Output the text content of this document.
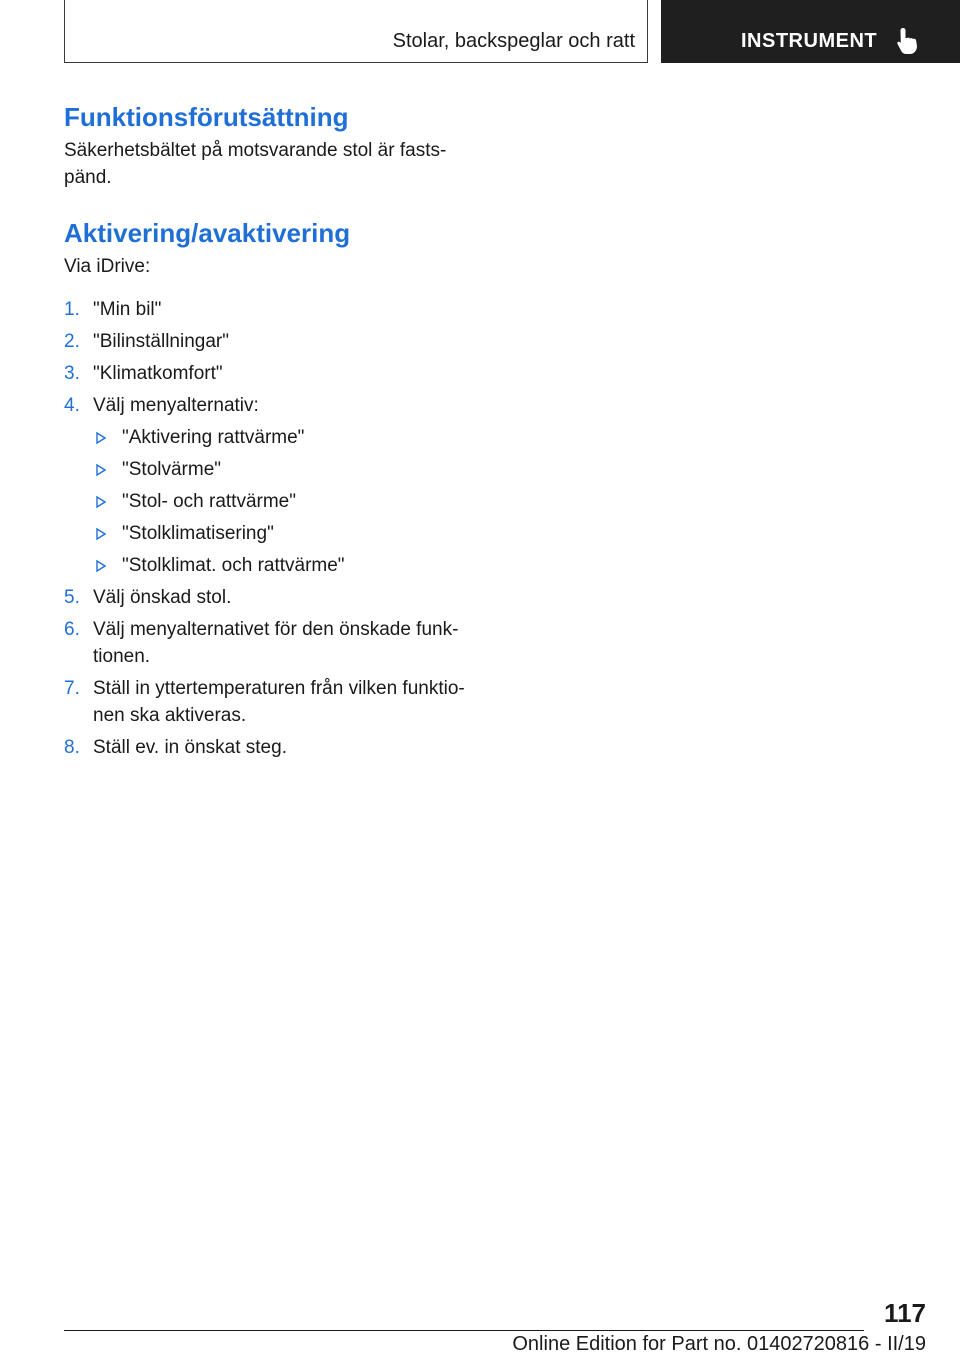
Stolar, backspeglar och ratt	INSTRUMENT
Funktionsförutsättning

Säkerhetsbältet på motsvarande stol är fasts-
pänd.

Aktivering/avaktivering

Via iDrive:

1. "Min bil"
2. "Bilinställningar"
3. "Klimatkomfort"
4. Välj menyalternativ:
"Aktivering rattvärme"
"Stolvärme"
"Stol- och rattvärme"
"Stolklimatisering"
"Stolklimat. och rattvärme"
5. Välj önskad stol.
6. Välj menyalternativet för den önskade funk-
tionen.
7. Ställ in yttertemperaturen från vilken funktio-
nen ska aktiveras.
8. Ställ ev. in önskat steg.
117
Online Edition for Part no. 01402720816 - II/19
